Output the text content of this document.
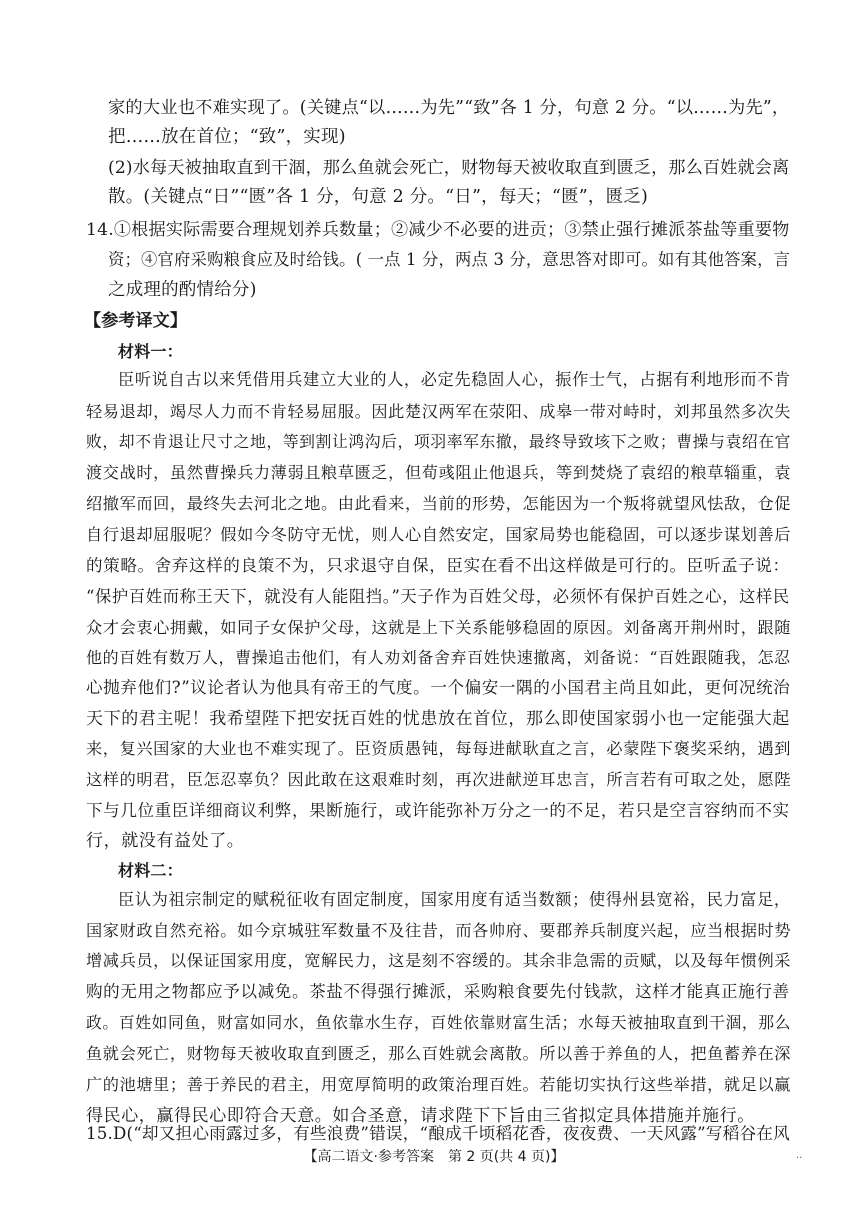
家的大业也不难实现了。(关键点“以……为先”“致”各 1 分，句意 2 分。“以……为先”，
把……放在首位；“致”，实现)
(2)水每天被抽取直到干涸，那么鱼就会死亡，财物每天被收取直到匮乏，那么百姓就会离
散。(关键点“日”“匮”各 1 分，句意 2 分。“日”，每天；“匮”，匮乏)
14.①根据实际需要合理规划养兵数量；②减少不必要的进贡；③禁止强行摊派茶盐等重要物
资；④官府采购粮食应及时给钱。( 一点 1 分，两点 3 分，意思答对即可。如有其他答案，言
之成理的酌情给分)
【参考译文】
材料一：
臣听说自古以来凭借用兵建立大业的人，必定先稳固人心，振作士气，占据有利地形而不肯
轻易退却，竭尽人力而不肯轻易屈服。因此楚汉两军在荥阳、成皋一带对峙时，刘邦虽然多次失
败，却不肯退让尺寸之地，等到割让鸿沟后，项羽率军东撤，最终导致垓下之败；曹操与袁绍在官
渡交战时，虽然曹操兵力薄弱且粮草匮乏，但荀彧阻止他退兵，等到焚烧了袁绍的粮草辎重，袁
绍撤军而回，最终失去河北之地。由此看来，当前的形势，怎能因为一个叛将就望风怯敌，仓促
自行退却屈服呢？假如今冬防守无忧，则人心自然安定，国家局势也能稳固，可以逐步谋划善后
的策略。舍弃这样的良策不为，只求退守自保，臣实在看不出这样做是可行的。臣听孟子说：
“保护百姓而称王天下，就没有人能阻挡。”天子作为百姓父母，必须怀有保护百姓之心，这样民
众才会衷心拥戴，如同子女保护父母，这就是上下关系能够稳固的原因。刘备离开荆州时，跟随
他的百姓有数万人，曹操追击他们，有人劝刘备舍弃百姓快速撤离，刘备说：“百姓跟随我，怎忍
心抛弃他们?”议论者认为他具有帝王的气度。一个偏安一隅的小国君主尚且如此，更何况统治
天下的君主呢！我希望陛下把安抚百姓的忧患放在首位，那么即使国家弱小也一定能强大起
来，复兴国家的大业也不难实现了。臣资质愚钝，每每进献耿直之言，必蒙陛下褒奖采纳，遇到
这样的明君，臣怎忍辜负？因此敢在这艰难时刻，再次进献逆耳忠言，所言若有可取之处，愿陛
下与几位重臣详细商议利弊，果断施行，或许能弥补万分之一的不足，若只是空言容纳而不实
行，就没有益处了。
材料二：
臣认为祖宗制定的赋税征收有固定制度，国家用度有适当数额；使得州县宽裕，民力富足，
国家财政自然充裕。如今京城驻军数量不及往昔，而各帅府、要郡养兵制度兴起，应当根据时势
增减兵员，以保证国家用度，宽解民力，这是刻不容缓的。其余非急需的贡赋，以及每年惯例采
购的无用之物都应予以减免。茶盐不得强行摊派，采购粮食要先付钱款，这样才能真正施行善
政。百姓如同鱼，财富如同水，鱼依靠水生存，百姓依靠财富生活；水每天被抽取直到干涸，那么
鱼就会死亡，财物每天被收取直到匮乏，那么百姓就会离散。所以善于养鱼的人，把鱼蓄养在深
广的池塘里；善于养民的君主，用宽厚简明的政策治理百姓。若能切实执行这些举措，就足以赢
得民心，赢得民心即符合天意。如合圣意，请求陛下下旨由三省拟定具体措施并施行。
15.D(“却又担心雨露过多，有些浪费”错误，“酿成千顷稻花香，夜夜费、一天风露”写稻谷在风
【高二语文·参考答案　第 2 页(共 4 页)】	..
